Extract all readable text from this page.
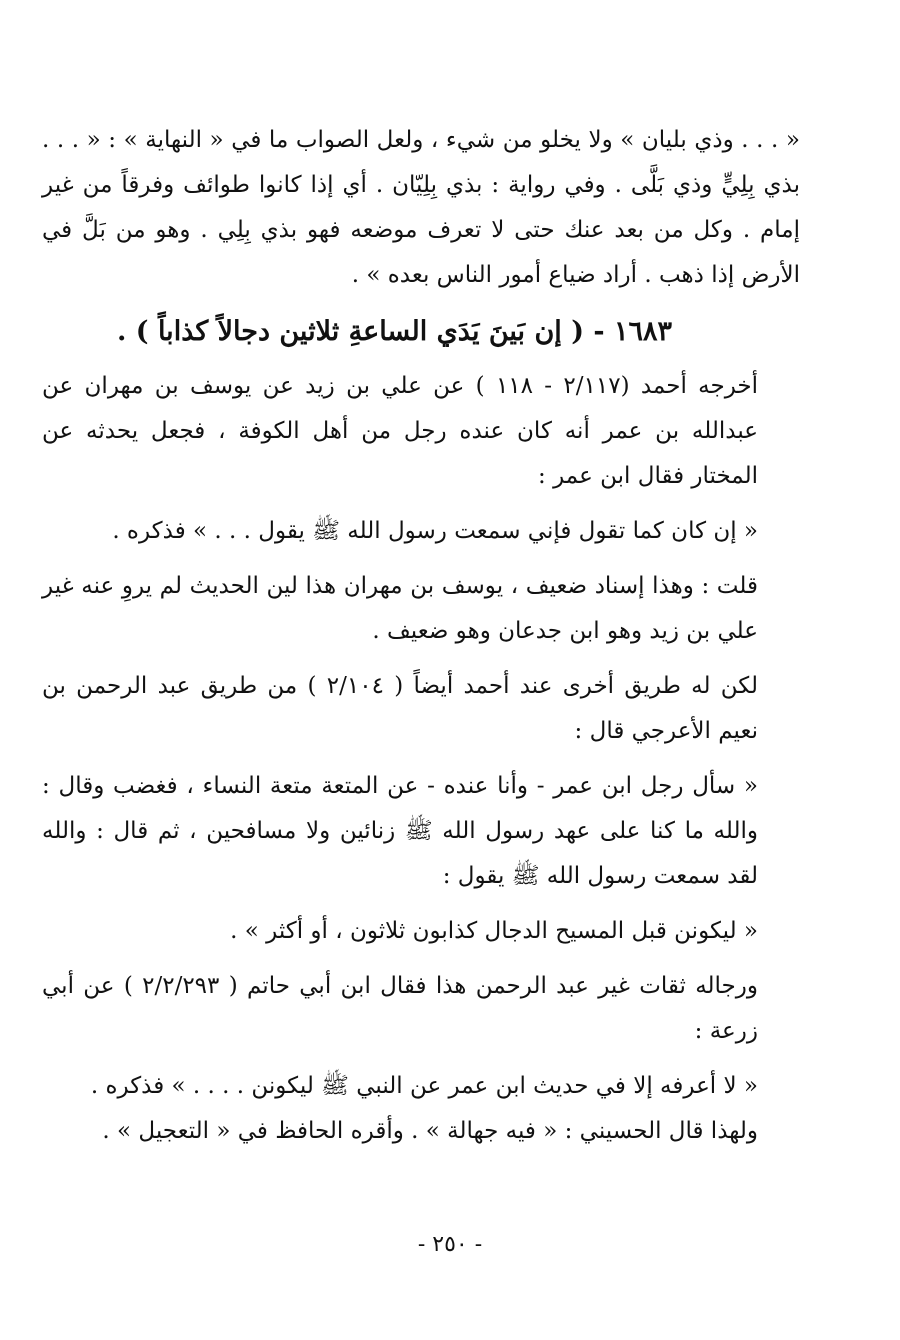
« . . . وذي بليان » ولا يخلو من شيء ، ولعل الصواب ما في « النهاية » : « . . . بذي بِلِيٍّ وذي بَلَّى . وفي رواية : بذي بِلِيّان . أي إذا كانوا طوائف وفرقاً من غير إمام . وكل من بعد عنك حتى لا تعرف موضعه فهو بذي بِلِي . وهو من بَلَّ في الأرض إذا ذهب . أراد ضياع أمور الناس بعده » .

١٦٨٣ - ( إن بَينَ يَدَي الساعةِ ثلاثين دجالاً كذاباً ) .

أخرجه أحمد (٢/١١٧ - ١١٨ ) عن علي بن زيد عن يوسف بن مهران عن عبدالله بن عمر أنه كان عنده رجل من أهل الكوفة ، فجعل يحدثه عن المختار فقال ابن عمر :

« إن كان كما تقول فإني سمعت رسول الله ﷺ يقول . . . » فذكره .

قلت : وهذا إسناد ضعيف ، يوسف بن مهران هذا لين الحديث لم يروِ عنه غير علي بن زيد وهو ابن جدعان وهو ضعيف .

لكن له طريق أخرى عند أحمد أيضاً ( ٢/١٠٤ ) من طريق عبد الرحمن بن نعيم الأعرجي قال :

« سأل رجل ابن عمر - وأنا عنده - عن المتعة متعة النساء ، فغضب وقال : والله ما كنا على عهد رسول الله ﷺ زنائين ولا مسافحين ، ثم قال : والله لقد سمعت رسول الله ﷺ يقول :

« ليكونن قبل المسيح الدجال كذابون ثلاثون ، أو أكثر » .

ورجاله ثقات غير عبد الرحمن هذا فقال ابن أبي حاتم ( ٢/٢/٢٩٣ ) عن أبي زرعة :

« لا أعرفه إلا في حديث ابن عمر عن النبي ﷺ ليكونن . . . . » فذكره .

ولهذا قال الحسيني : « فيه جهالة » . وأقره الحافظ في « التعجيل » .

- ٢٥٠ -
